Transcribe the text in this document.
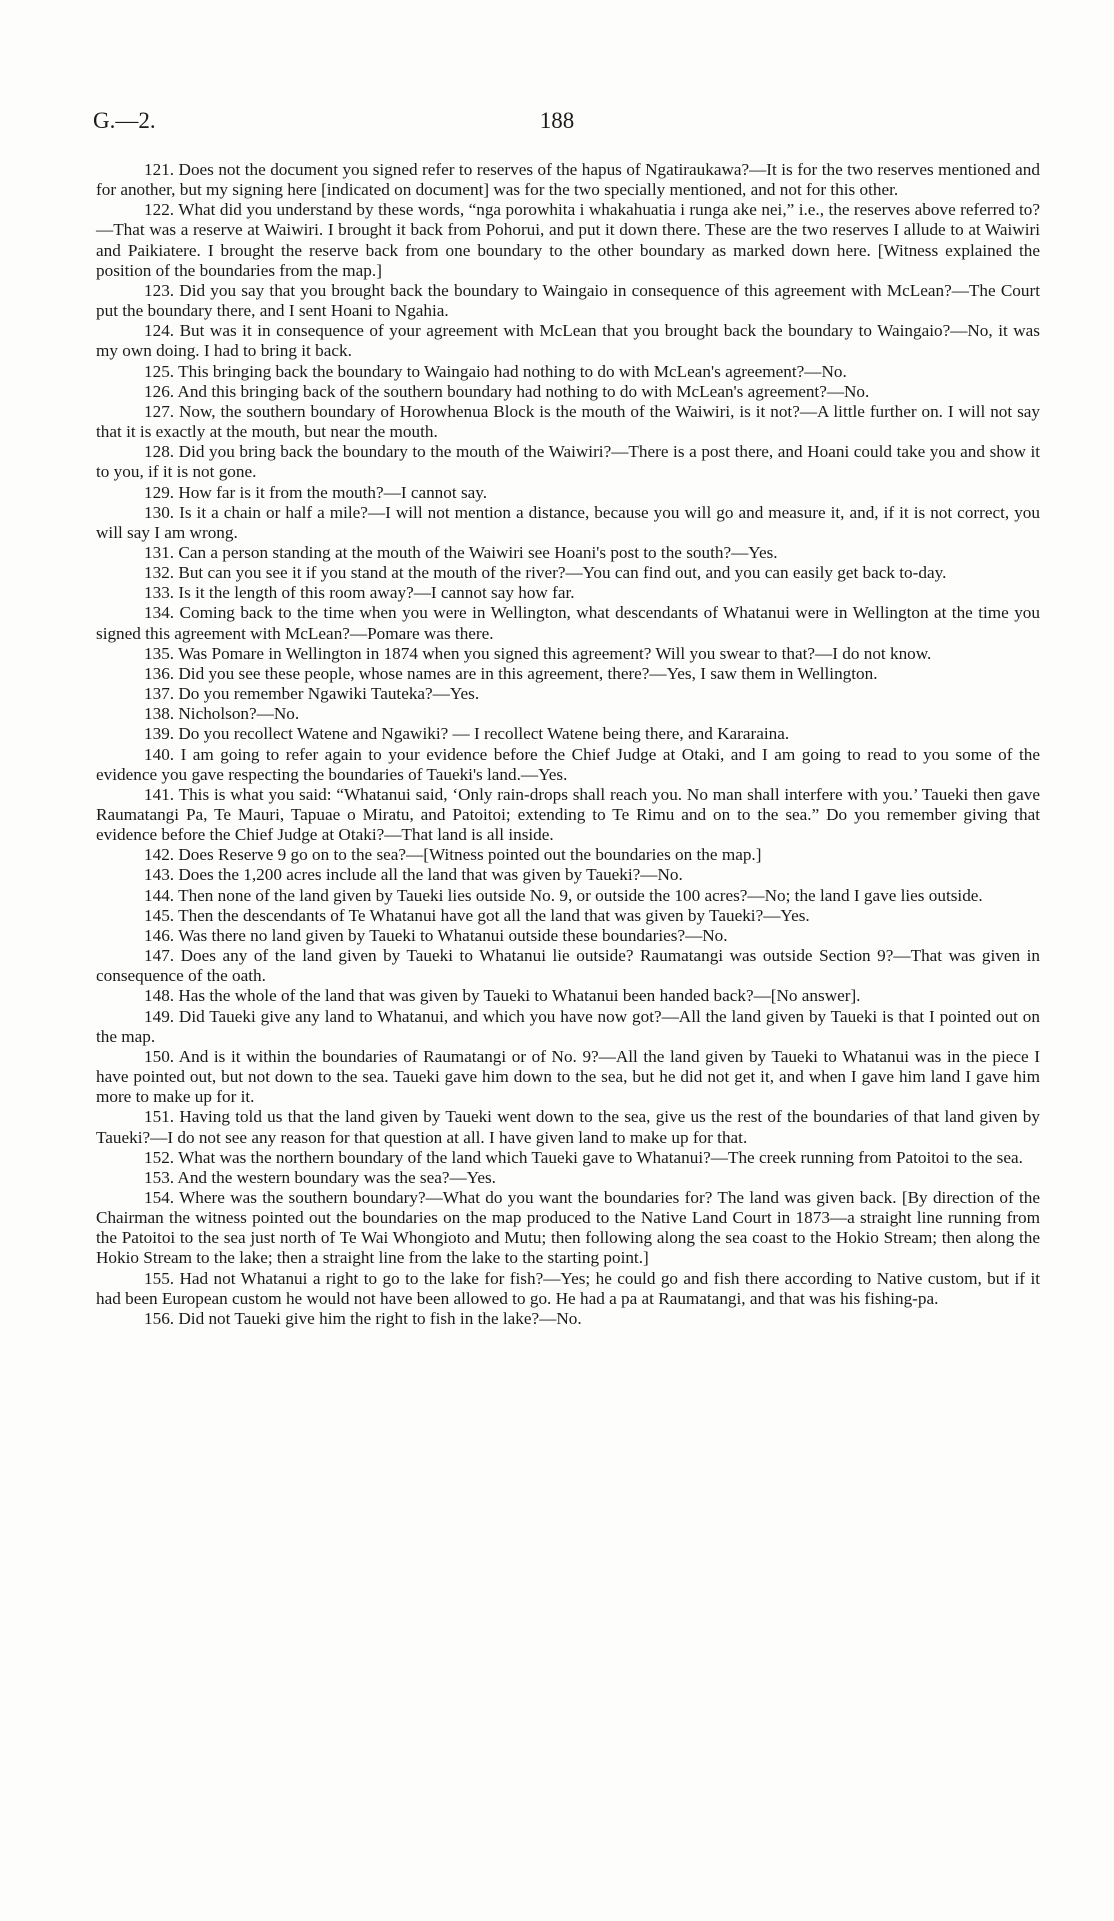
G.—2.	188

121. Does not the document you signed refer to reserves of the hapus of Ngatiraukawa?—It is for the two reserves mentioned and for another, but my signing here [indicated on document] was for the two specially mentioned, and not for this other.

122. What did you understand by these words, “nga porowhita i whakahuatia i runga ake nei,” i.e., the reserves above referred to?—That was a reserve at Waiwiri. I brought it back from Pohorui, and put it down there. These are the two reserves I allude to at Waiwiri and Paikiatere. I brought the reserve back from one boundary to the other boundary as marked down here. [Witness explained the position of the boundaries from the map.]

123. Did you say that you brought back the boundary to Waingaio in consequence of this agreement with McLean?—The Court put the boundary there, and I sent Hoani to Ngahia.

124. But was it in consequence of your agreement with McLean that you brought back the boundary to Waingaio?—No, it was my own doing. I had to bring it back.

125. This bringing back the boundary to Waingaio had nothing to do with McLean's agreement?—No.

126. And this bringing back of the southern boundary had nothing to do with McLean's agreement?—No.

127. Now, the southern boundary of Horowhenua Block is the mouth of the Waiwiri, is it not?—A little further on. I will not say that it is exactly at the mouth, but near the mouth.

128. Did you bring back the boundary to the mouth of the Waiwiri?—There is a post there, and Hoani could take you and show it to you, if it is not gone.

129. How far is it from the mouth?—I cannot say.

130. Is it a chain or half a mile?—I will not mention a distance, because you will go and measure it, and, if it is not correct, you will say I am wrong.

131. Can a person standing at the mouth of the Waiwiri see Hoani's post to the south?—Yes.

132. But can you see it if you stand at the mouth of the river?—You can find out, and you can easily get back to-day.

133. Is it the length of this room away?—I cannot say how far.

134. Coming back to the time when you were in Wellington, what descendants of Whatanui were in Wellington at the time you signed this agreement with McLean?—Pomare was there.

135. Was Pomare in Wellington in 1874 when you signed this agreement? Will you swear to that?—I do not know.

136. Did you see these people, whose names are in this agreement, there?—Yes, I saw them in Wellington.

137. Do you remember Ngawiki Tauteka?—Yes.

138. Nicholson?—No.

139. Do you recollect Watene and Ngawiki? — I recollect Watene being there, and Kararaina.

140. I am going to refer again to your evidence before the Chief Judge at Otaki, and I am going to read to you some of the evidence you gave respecting the boundaries of Taueki's land.—Yes.

141. This is what you said: “Whatanui said, ‘Only rain-drops shall reach you. No man shall interfere with you.’ Taueki then gave Raumatangi Pa, Te Mauri, Tapuae o Miratu, and Patoitoi; extending to Te Rimu and on to the sea.” Do you remember giving that evidence before the Chief Judge at Otaki?—That land is all inside.

142. Does Reserve 9 go on to the sea?—[Witness pointed out the boundaries on the map.]

143. Does the 1,200 acres include all the land that was given by Taueki?—No.

144. Then none of the land given by Taueki lies outside No. 9, or outside the 100 acres?—No; the land I gave lies outside.

145. Then the descendants of Te Whatanui have got all the land that was given by Taueki?—Yes.

146. Was there no land given by Taueki to Whatanui outside these boundaries?—No.

147. Does any of the land given by Taueki to Whatanui lie outside? Raumatangi was outside Section 9?—That was given in consequence of the oath.

148. Has the whole of the land that was given by Taueki to Whatanui been handed back?—[No answer].

149. Did Taueki give any land to Whatanui, and which you have now got?—All the land given by Taueki is that I pointed out on the map.

150. And is it within the boundaries of Raumatangi or of No. 9?—All the land given by Taueki to Whatanui was in the piece I have pointed out, but not down to the sea. Taueki gave him down to the sea, but he did not get it, and when I gave him land I gave him more to make up for it.

151. Having told us that the land given by Taueki went down to the sea, give us the rest of the boundaries of that land given by Taueki?—I do not see any reason for that question at all. I have given land to make up for that.

152. What was the northern boundary of the land which Taueki gave to Whatanui?—The creek running from Patoitoi to the sea.

153. And the western boundary was the sea?—Yes.

154. Where was the southern boundary?—What do you want the boundaries for? The land was given back. [By direction of the Chairman the witness pointed out the boundaries on the map produced to the Native Land Court in 1873—a straight line running from the Patoitoi to the sea just north of Te Wai Whongioto and Mutu; then following along the sea coast to the Hokio Stream; then along the Hokio Stream to the lake; then a straight line from the lake to the starting point.]

155. Had not Whatanui a right to go to the lake for fish?—Yes; he could go and fish there according to Native custom, but if it had been European custom he would not have been allowed to go. He had a pa at Raumatangi, and that was his fishing-pa.

156. Did not Taueki give him the right to fish in the lake?—No.
